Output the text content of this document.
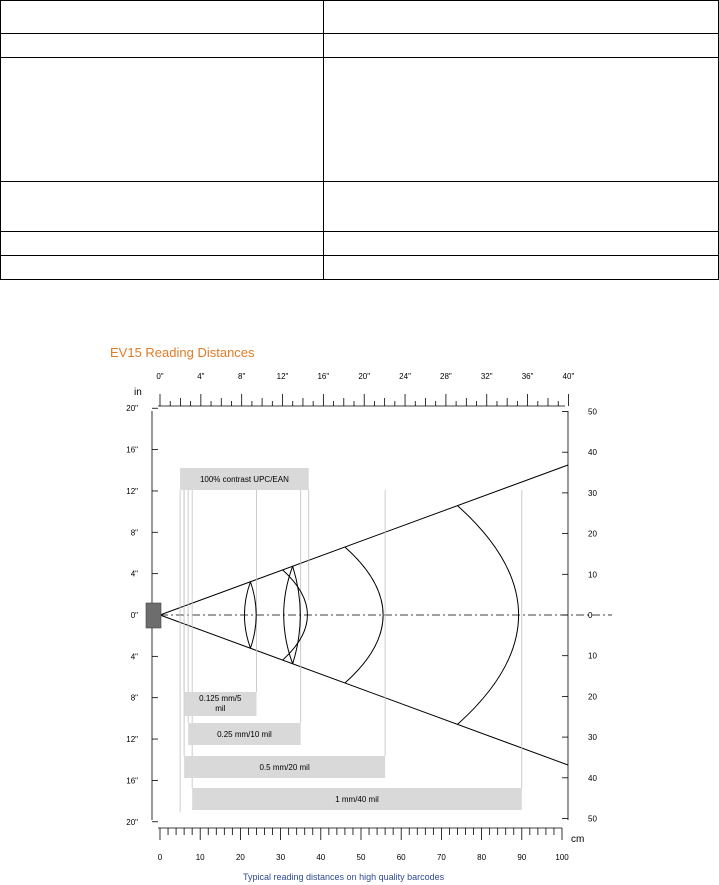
EV15 Reading Distances
0"	4"	8"	12"	16"	20"	24"	28"	32"	36"	40"
in
20"
16"
12"
8"
4"
0"
4"
8"
12"
16"
20"
50
40
30
20
10
0
10
20
30
40
50
100% contrast UPC/EAN
0.125 mm/5
mil
0.25 mm/10 mil
0.5 mm/20 mil
1 mm/40 mil
0	10	20	30	40	50	60	70	80	90	100
cm
Typical reading distances on high quality barcodes
